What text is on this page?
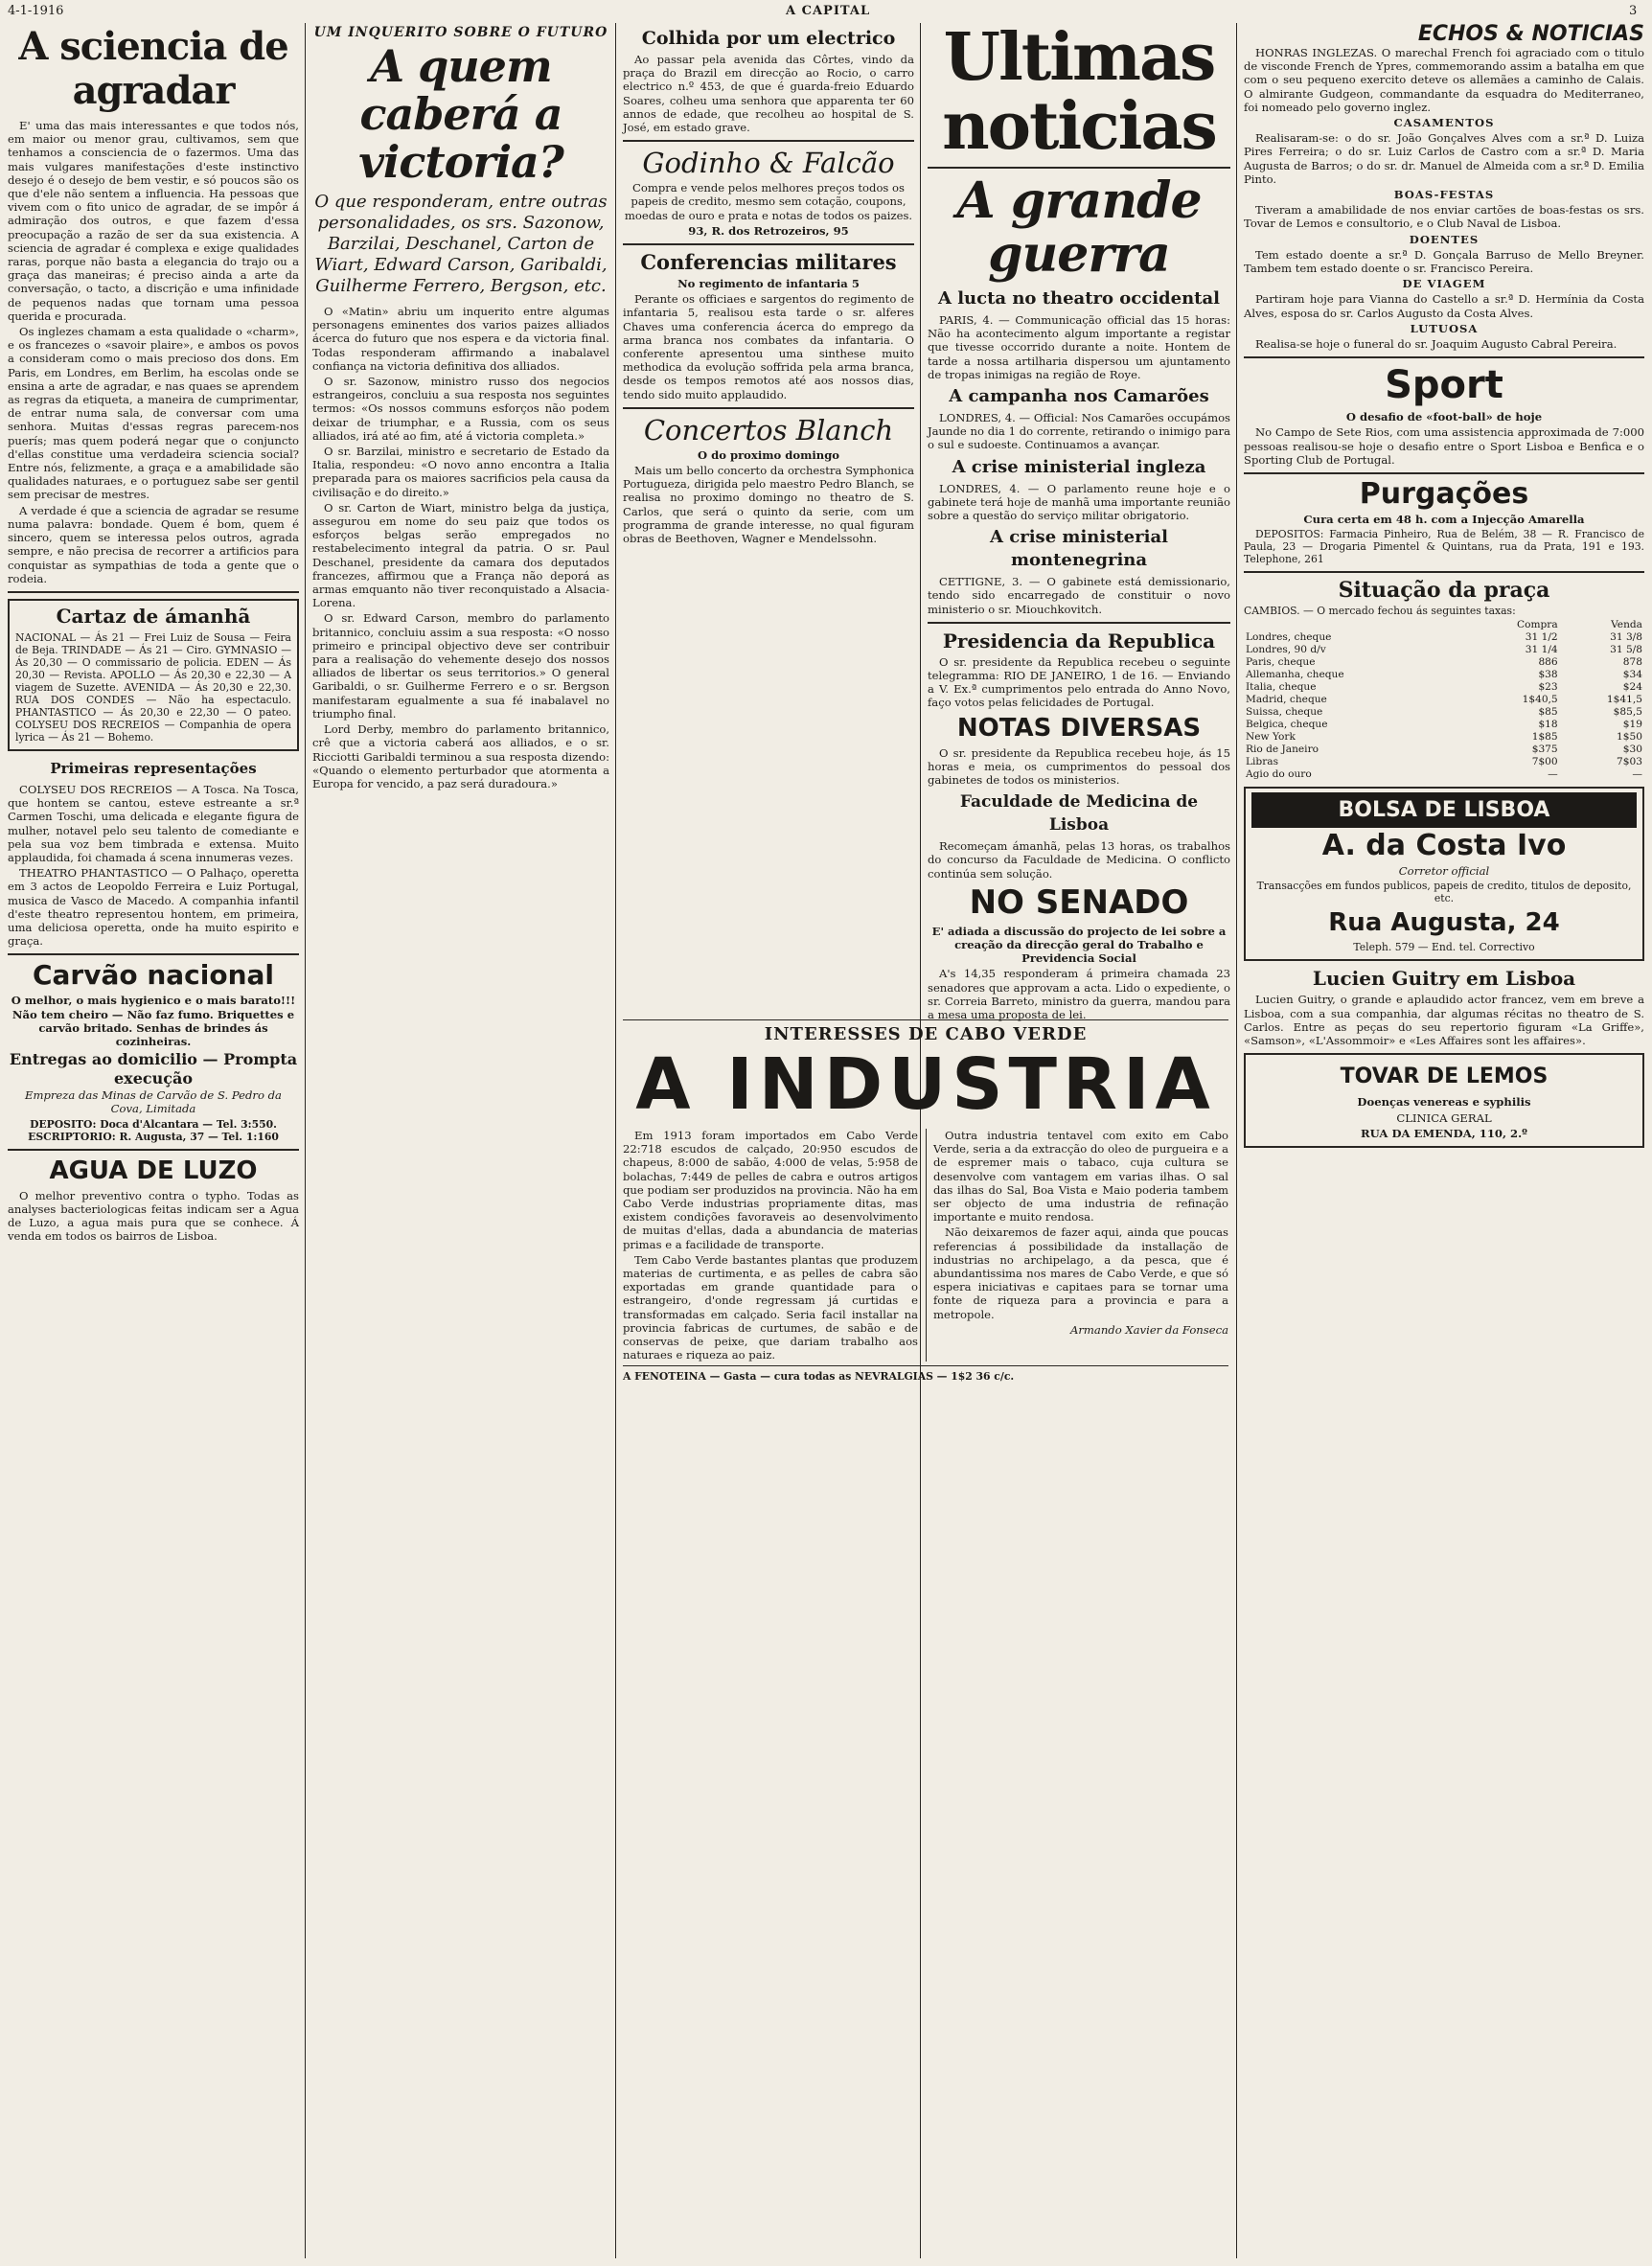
4-1-1916	A CAPITAL	3
A sciencia de agradar

E' uma das mais interessantes e que todos nós, em maior ou menor grau, cultivamos, sem que tenhamos a consciencia de o fazermos. Uma das mais vulgares manifestações d'este instinctivo desejo é o desejo de bem vestir, e só poucos são os que d'ele não sentem a influencia. Ha pessoas que vivem com o fito unico de agradar, de se impôr á admiração dos outros, e que fazem d'essa preocupação a razão de ser da sua existencia. A sciencia de agradar é complexa e exige qualidades raras, porque não basta a elegancia do trajo ou a graça das maneiras; é preciso ainda a arte da conversação, o tacto, a discrição e uma infinidade de pequenos nadas que tornam uma pessoa querida e procurada.

Os inglezes chamam a esta qualidade o «charm», e os francezes o «savoir plaire», e ambos os povos a consideram como o mais precioso dos dons. Em Paris, em Londres, em Berlim, ha escolas onde se ensina a arte de agradar, e nas quaes se aprendem as regras da etiqueta, a maneira de cumprimentar, de entrar numa sala, de conversar com uma senhora. Muitas d'essas regras parecem-nos puerís; mas quem poderá negar que o conjuncto d'ellas constitue uma verdadeira sciencia social? Entre nós, felizmente, a graça e a amabilidade são qualidades naturaes, e o portuguez sabe ser gentil sem precisar de mestres.

A verdade é que a sciencia de agradar se resume numa palavra: bondade. Quem é bom, quem é sincero, quem se interessa pelos outros, agrada sempre, e não precisa de recorrer a artificios para conquistar as sympathias de toda a gente que o rodeia.

Cartaz de ámanhã

NACIONAL — Ás 21 — Frei Luiz de Sousa — Feira de Beja. TRINDADE — Ás 21 — Ciro. GYMNASIO — Ás 20,30 — O commissario de policia. EDEN — Ás 20,30 — Revista. APOLLO — Ás 20,30 e 22,30 — A viagem de Suzette. AVENIDA — Ás 20,30 e 22,30. RUA DOS CONDES — Não ha espectaculo. PHANTASTICO — Ás 20,30 e 22,30 — O pateo. COLYSEU DOS RECREIOS — Companhia de opera lyrica — Ás 21 — Bohemo.

Primeiras representações

COLYSEU DOS RECREIOS — A Tosca. Na Tosca, que hontem se cantou, esteve estreante a sr.ª Carmen Toschi, uma delicada e elegante figura de mulher, notavel pelo seu talento de comediante e pela sua voz bem timbrada e extensa. Muito applaudida, foi chamada á scena innumeras vezes.

THEATRO PHANTASTICO — O Palhaço, operetta em 3 actos de Leopoldo Ferreira e Luiz Portugal, musica de Vasco de Macedo. A companhia infantil d'este theatro representou hontem, em primeira, uma deliciosa operetta, onde ha muito espirito e graça.

Carvão nacional

O melhor, o mais hygienico e o mais barato!!! Não tem cheiro — Não faz fumo. Briquettes e carvão britado. Senhas de brindes ás cozinheiras.

Entregas ao domicilio — Prompta execução

Empreza das Minas de Carvão de S. Pedro da Cova, Limitada

DEPOSITO: Doca d'Alcantara — Tel. 3:550. ESCRIPTORIO: R. Augusta, 37 — Tel. 1:160

AGUA DE LUZO

O melhor preventivo contra o typho. Todas as analyses bacteriologicas feitas indicam ser a Agua de Luzo, a agua mais pura que se conhece. Á venda em todos os bairros de Lisboa.

UM INQUERITO SOBRE O FUTURO
A quem caberá a victoria?
O que responderam, entre outras personalidades, os srs. Sazonow, Barzilai, Deschanel, Carton de Wiart, Edward Carson, Garibaldi, Guilherme Ferrero, Bergson, etc.

O «Matin» abriu um inquerito entre algumas personagens eminentes dos varios paizes alliados ácerca do futuro que nos espera e da victoria final. Todas responderam affirmando a inabalavel confiança na victoria definitiva dos alliados.

O sr. Sazonow, ministro russo dos negocios estrangeiros, concluiu a sua resposta nos seguintes termos: «Os nossos communs esforços não podem deixar de triumphar, e a Russia, com os seus alliados, irá até ao fim, até á victoria completa.»

O sr. Barzilai, ministro e secretario de Estado da Italia, respondeu: «O novo anno encontra a Italia preparada para os maiores sacrificios pela causa da civilisação e do direito.»

O sr. Carton de Wiart, ministro belga da justiça, assegurou em nome do seu paiz que todos os esforços belgas serão empregados no restabelecimento integral da patria. O sr. Paul Deschanel, presidente da camara dos deputados francezes, affirmou que a França não deporá as armas emquanto não tiver reconquistado a Alsacia-Lorena.

O sr. Edward Carson, membro do parlamento britannico, concluiu assim a sua resposta: «O nosso primeiro e principal objectivo deve ser contribuir para a realisação do vehemente desejo dos nossos alliados de libertar os seus territorios.» O general Garibaldi, o sr. Guilherme Ferrero e o sr. Bergson manifestaram egualmente a sua fé inabalavel no triumpho final.

Lord Derby, membro do parlamento britannico, crê que a victoria caberá aos alliados, e o sr. Ricciotti Garibaldi terminou a sua resposta dizendo: «Quando o elemento perturbador que atormenta a Europa for vencido, a paz será duradoura.»

Colhida por um electrico

Ao passar pela avenida das Côrtes, vindo da praça do Brazil em direcção ao Rocio, o carro electrico n.º 453, de que é guarda-freio Eduardo Soares, colheu uma senhora que apparenta ter 60 annos de edade, que recolheu ao hospital de S. José, em estado grave.

Godinho & Falcão

Compra e vende pelos melhores preços todos os papeis de credito, mesmo sem cotação, coupons, moedas de ouro e prata e notas de todos os paizes.

93, R. dos Retrozeiros, 95

Conferencias militares

No regimento de infantaria 5

Perante os officiaes e sargentos do regimento de infantaria 5, realisou esta tarde o sr. alferes Chaves uma conferencia ácerca do emprego da arma branca nos combates da infantaria. O conferente apresentou uma sinthese muito methodica da evolução soffrida pela arma branca, desde os tempos remotos até aos nossos dias, tendo sido muito applaudido.

Concertos Blanch

O do proximo domingo

Mais um bello concerto da orchestra Symphonica Portugueza, dirigida pelo maestro Pedro Blanch, se realisa no proximo domingo no theatro de S. Carlos, que será o quinto da serie, com um programma de grande interesse, no qual figuram obras de Beethoven, Wagner e Mendelssohn.

INTERESSES DE CABO VERDE
A INDUSTRIA

Em 1913 foram importados em Cabo Verde 22:718 escudos de calçado, 20:950 escudos de chapeus, 8:000 de sabão, 4:000 de velas, 5:958 de bolachas, 7:449 de pelles de cabra e outros artigos que podiam ser produzidos na provincia. Não ha em Cabo Verde industrias propriamente ditas, mas existem condições favoraveis ao desenvolvimento de muitas d'ellas, dada a abundancia de materias primas e a facilidade de transporte.

Tem Cabo Verde bastantes plantas que produzem materias de curtimenta, e as pelles de cabra são exportadas em grande quantidade para o estrangeiro, d'onde regressam já curtidas e transformadas em calçado. Seria facil installar na provincia fabricas de curtumes, de sabão e de conservas de peixe, que dariam trabalho aos naturaes e riqueza ao paiz.

Outra industria tentavel com exito em Cabo Verde, seria a da extracção do oleo de purgueira e a de espremer mais o tabaco, cuja cultura se desenvolve com vantagem em varias ilhas. O sal das ilhas do Sal, Boa Vista e Maio poderia tambem ser objecto de uma industria de refinação importante e muito rendosa.

Não deixaremos de fazer aqui, ainda que poucas referencias á possibilidade da installação de industrias no archipelago, a da pesca, que é abundantissima nos mares de Cabo Verde, e que só espera iniciativas e capitaes para se tornar uma fonte de riqueza para a provincia e para a metropole.

Armando Xavier da Fonseca

A FENOTEINA — Gasta — cura todas as NEVRALGIAS — 1$2 36 c/c.

Ultimas noticias
A grande guerra
A lucta no theatro occidental

PARIS, 4. — Communicação official das 15 horas: Não ha acontecimento algum importante a registar que tivesse occorrido durante a noite. Hontem de tarde a nossa artilharia dispersou um ajuntamento de tropas inimigas na região de Roye.

A campanha nos Camarões

LONDRES, 4. — Official: Nos Camarões occupámos Jaunde no dia 1 do corrente, retirando o inimigo para o sul e sudoeste. Continuamos a avançar.

A crise ministerial ingleza

LONDRES, 4. — O parlamento reune hoje e o gabinete terá hoje de manhã uma importante reunião sobre a questão do serviço militar obrigatorio.

A crise ministerial montenegrina

CETTIGNE, 3. — O gabinete está demissionario, tendo sido encarregado de constituir o novo ministerio o sr. Miouchkovitch.

Presidencia da Republica

O sr. presidente da Republica recebeu o seguinte telegramma: RIO DE JANEIRO, 1 de 16. — Enviando a V. Ex.ª cumprimentos pelo entrada do Anno Novo, faço votos pelas felicidades de Portugal.

NOTAS DIVERSAS

O sr. presidente da Republica recebeu hoje, ás 15 horas e meia, os cumprimentos do pessoal dos gabinetes de todos os ministerios.

Faculdade de Medicina de Lisboa

Recomeçam ámanhã, pelas 13 horas, os trabalhos do concurso da Faculdade de Medicina. O conflicto continúa sem solução.

NO SENADO

E' adiada a discussão do projecto de lei sobre a creação da direcção geral do Trabalho e Previdencia Social

A's 14,35 responderam á primeira chamada 23 senadores que approvam a acta. Lido o expediente, o sr. Correia Barreto, ministro da guerra, mandou para a mesa uma proposta de lei.

ECHOS & NOTICIAS

HONRAS INGLEZAS. O marechal French foi agraciado com o titulo de visconde French de Ypres, commemorando assim a batalha em que com o seu pequeno exercito deteve os allemães a caminho de Calais. O almirante Gudgeon, commandante da esquadra do Mediterraneo, foi nomeado pelo governo inglez.

CASAMENTOS

Realisaram-se: o do sr. João Gonçalves Alves com a sr.ª D. Luiza Pires Ferreira; o do sr. Luiz Carlos de Castro com a sr.ª D. Maria Augusta de Barros; o do sr. dr. Manuel de Almeida com a sr.ª D. Emilia Pinto.

BOAS-FESTAS

Tiveram a amabilidade de nos enviar cartões de boas-festas os srs. Tovar de Lemos e consultorio, e o Club Naval de Lisboa.

DOENTES

Tem estado doente a sr.ª D. Gonçala Barruso de Mello Breyner. Tambem tem estado doente o sr. Francisco Pereira.

DE VIAGEM

Partiram hoje para Vianna do Castello a sr.ª D. Hermínia da Costa Alves, esposa do sr. Carlos Augusto da Costa Alves.

LUTUOSA

Realisa-se hoje o funeral do sr. Joaquim Augusto Cabral Pereira.

Sport

O desafio de «foot-ball» de hoje

No Campo de Sete Rios, com uma assistencia approximada de 7:000 pessoas realisou-se hoje o desafio entre o Sport Lisboa e Benfica e o Sporting Club de Portugal.

Purgações

Cura certa em 48 h. com a Injecção Amarella

DEPOSITOS: Farmacia Pinheiro, Rua de Belém, 38 — R. Francisco de Paula, 23 — Drogaria Pimentel & Quintans, rua da Prata, 191 e 193. Telephone, 261

Situação da praça

CAMBIOS. — O mercado fechou ás seguintes taxas:

	Compra	Venda
Londres, cheque	31 1/2	31 3/8
Londres, 90 d/v	31 1/4	31 5/8
Paris, cheque	886	878
Allemanha, cheque	$38	$34
Italia, cheque	$23	$24
Madrid, cheque	1$40,5	1$41,5
Suissa, cheque	$85	$85,5
Belgica, cheque	$18	$19
New York	1$85	1$50
Rio de Janeiro	$375	$30
Libras	7$00	7$03
Agio do ouro	—	—
BOLSA DE LISBOA
A. da Costa Ivo

Corretor official

Transacções em fundos publicos, papeis de credito, titulos de deposito, etc.

Rua Augusta, 24

Teleph. 579 — End. tel. Correctivo

Lucien Guitry em Lisboa

Lucien Guitry, o grande e aplaudido actor francez, vem em breve a Lisboa, com a sua companhia, dar algumas récitas no theatro de S. Carlos. Entre as peças do seu repertorio figuram «La Griffe», «Samson», «L'Assommoir» e «Les Affaires sont les affaires».

TOVAR DE LEMOS

Doenças venereas e syphilis

CLINICA GERAL

RUA DA EMENDA, 110, 2.º
